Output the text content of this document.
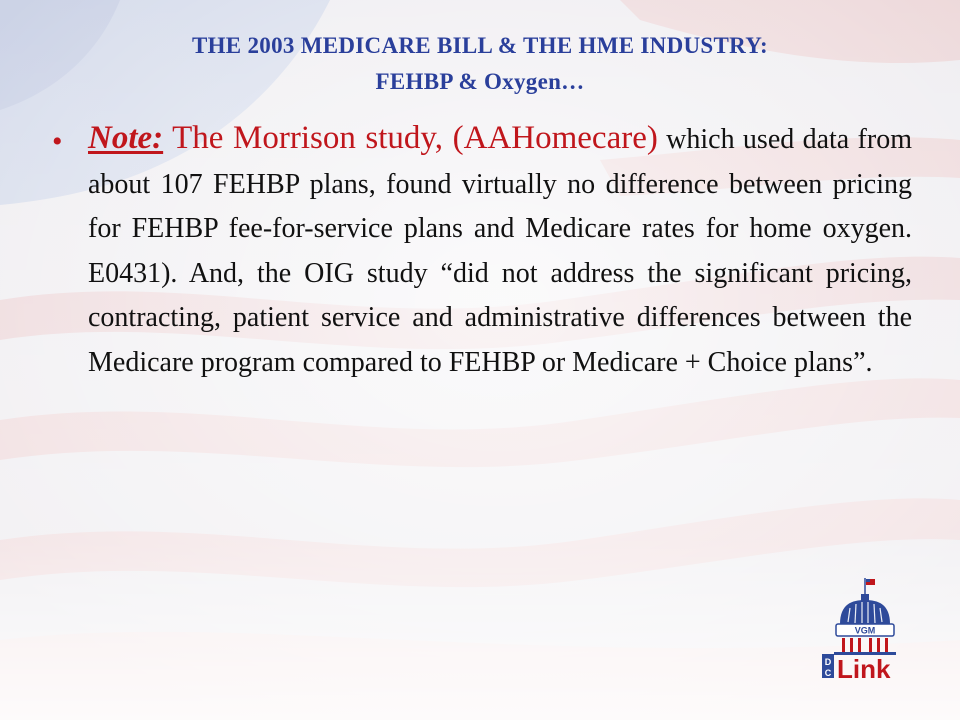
THE 2003 MEDICARE BILL & THE HME INDUSTRY:
FEHBP & Oxygen…
• Note: The Morrison study, (AAHomecare) which used data from about 107 FEHBP plans, found virtually no difference between pricing for FEHBP fee-for-service plans and Medicare rates for home oxygen. E0431). And, the OIG study “did not address the significant pricing, contracting, patient service and administrative differences between the Medicare program compared to FEHBP or Medicare + Choice plans”.
VGM
D
C Link
